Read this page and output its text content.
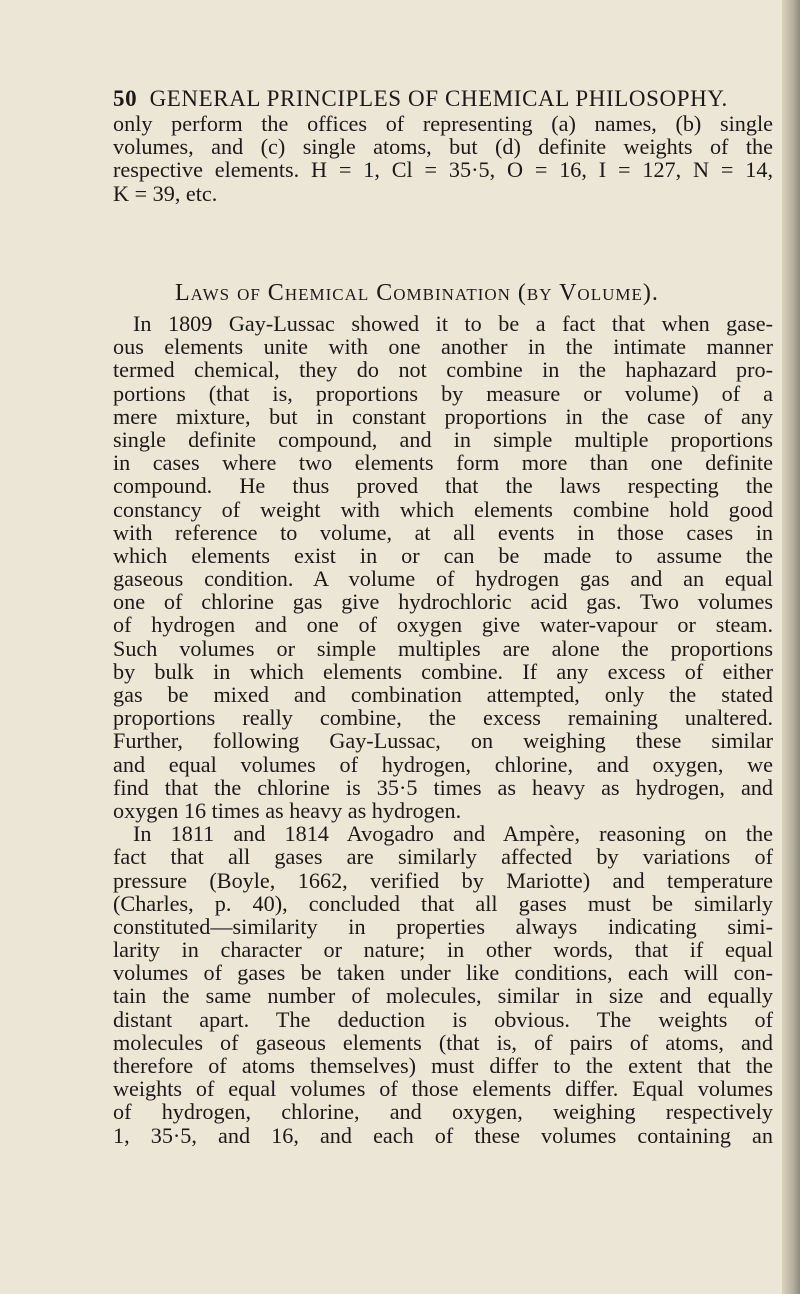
50 GENERAL PRINCIPLES OF CHEMICAL PHILOSOPHY.
only perform the offices of representing (a) names, (b) single
volumes, and (c) single atoms, but (d) definite weights of the
respective elements. H = 1, Cl = 35·5, O = 16, I = 127, N = 14,
K = 39, etc.
Laws of Chemical Combination (by Volume).
In 1809 Gay-Lussac showed it to be a fact that when gase-
ous elements unite with one another in the intimate manner
termed chemical, they do not combine in the haphazard pro-
portions (that is, proportions by measure or volume) of a
mere mixture, but in constant proportions in the case of any
single definite compound, and in simple multiple proportions
in cases where two elements form more than one definite
compound. He thus proved that the laws respecting the
constancy of weight with which elements combine hold good
with reference to volume, at all events in those cases in
which elements exist in or can be made to assume the
gaseous condition. A volume of hydrogen gas and an equal
one of chlorine gas give hydrochloric acid gas. Two volumes
of hydrogen and one of oxygen give water-vapour or steam.
Such volumes or simple multiples are alone the proportions
by bulk in which elements combine. If any excess of either
gas be mixed and combination attempted, only the stated
proportions really combine, the excess remaining unaltered.
Further, following Gay-Lussac, on weighing these similar
and equal volumes of hydrogen, chlorine, and oxygen, we
find that the chlorine is 35·5 times as heavy as hydrogen, and
oxygen 16 times as heavy as hydrogen.
In 1811 and 1814 Avogadro and Ampère, reasoning on the
fact that all gases are similarly affected by variations of
pressure (Boyle, 1662, verified by Mariotte) and temperature
(Charles, p. 40), concluded that all gases must be similarly
constituted—similarity in properties always indicating simi-
larity in character or nature; in other words, that if equal
volumes of gases be taken under like conditions, each will con-
tain the same number of molecules, similar in size and equally
distant apart. The deduction is obvious. The weights of
molecules of gaseous elements (that is, of pairs of atoms, and
therefore of atoms themselves) must differ to the extent that the
weights of equal volumes of those elements differ. Equal volumes
of hydrogen, chlorine, and oxygen, weighing respectively
1, 35·5, and 16, and each of these volumes containing an
